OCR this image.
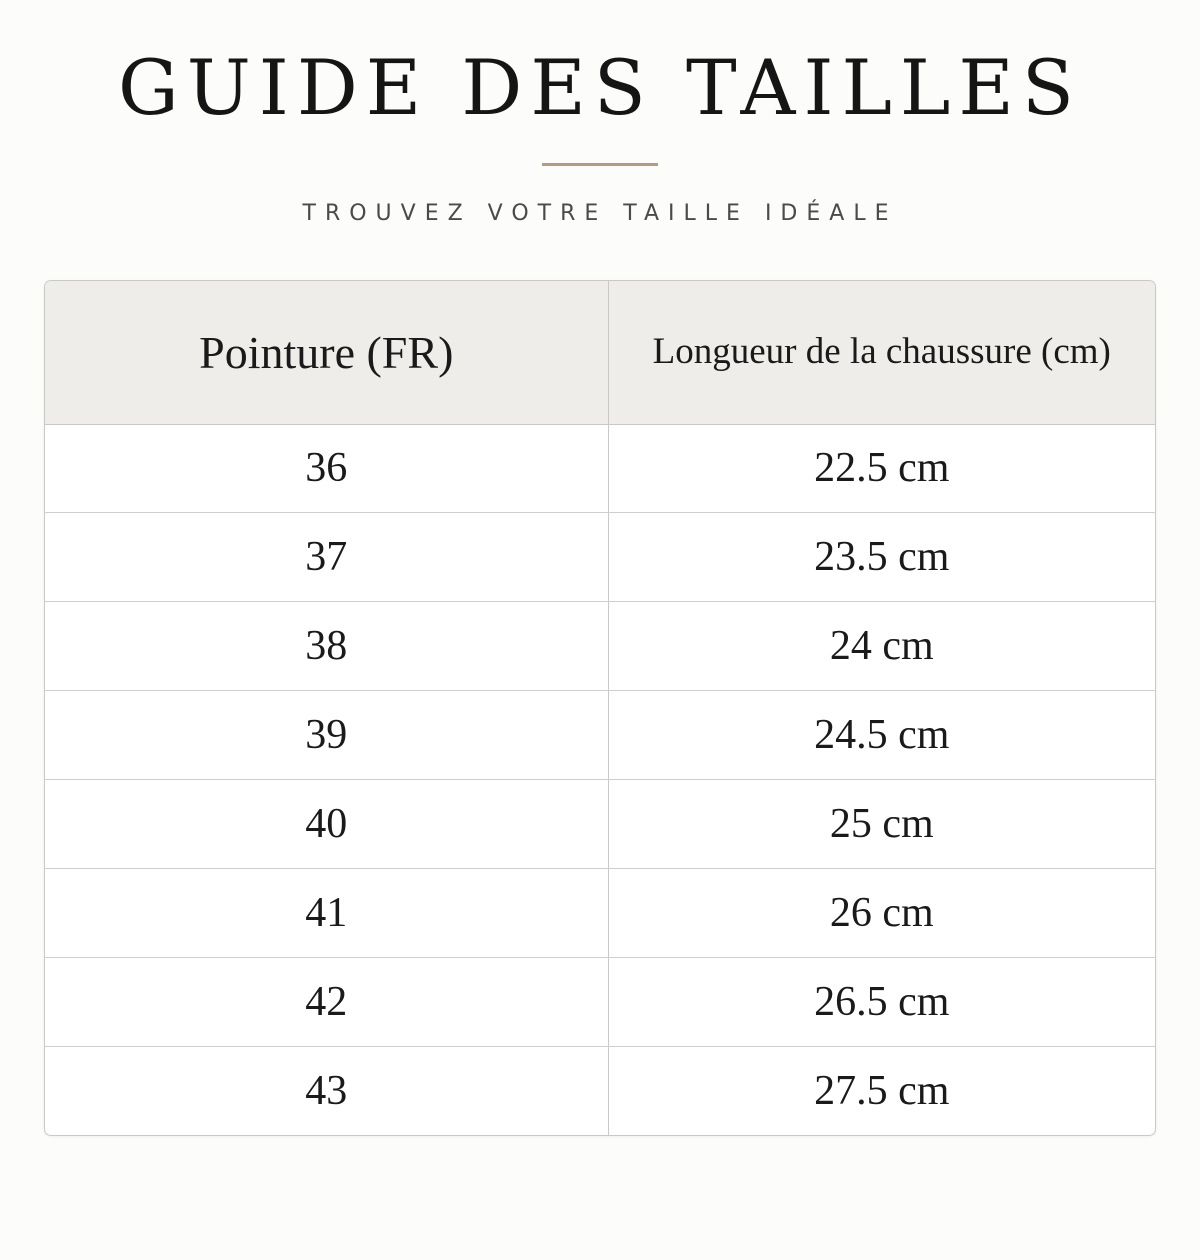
GUIDE DES TAILLES
TROUVEZ VOTRE TAILLE IDÉALE
Pointure (FR)	Longueur de la chaussure (cm)
36	22.5 cm
37	23.5 cm
38	24 cm
39	24.5 cm
40	25 cm
41	26 cm
42	26.5 cm
43	27.5 cm
